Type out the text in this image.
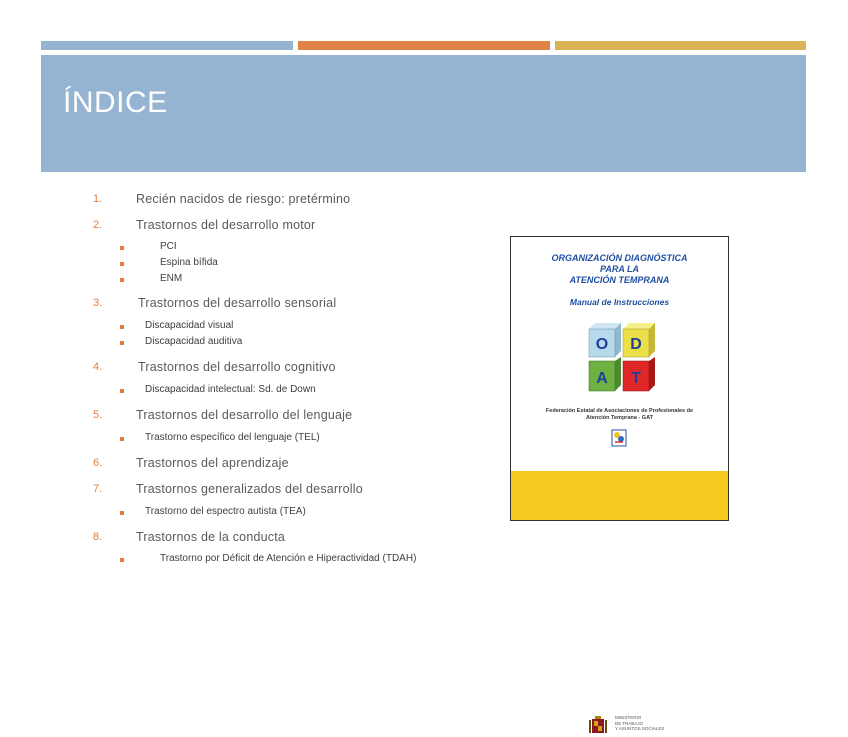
ÍNDICE
1.	Recién nacidos de riesgo: pretérmino
2.	Trastornos del desarrollo motor
PCI
Espina bífida
ENM
3.	Trastornos del desarrollo sensorial
Discapacidad visual
Discapacidad auditiva
4.	Trastornos del desarrollo cognitivo
Discapacidad intelectual: Sd. de Down
5.	Trastornos del desarrollo del lenguaje
Trastorno específico del lenguaje (TEL)
6.	Trastornos del aprendizaje
7.	Trastornos generalizados del desarrollo
Trastorno del espectro autista (TEA)
8.	Trastornos de la conducta
Trastorno por Déficit de Atención e Hiperactividad (TDAH)
ORGANIZACIÓN DIAGNÓSTICA
PARA LA
ATENCIÓN TEMPRANA
Manual de Instrucciones
O D
A T
Federación Estatal de Asociaciones de Profesionales de
Atención Temprana - GAT
MINISTERIO
DE TRABAJO
Y ASUNTOS SOCIALES
